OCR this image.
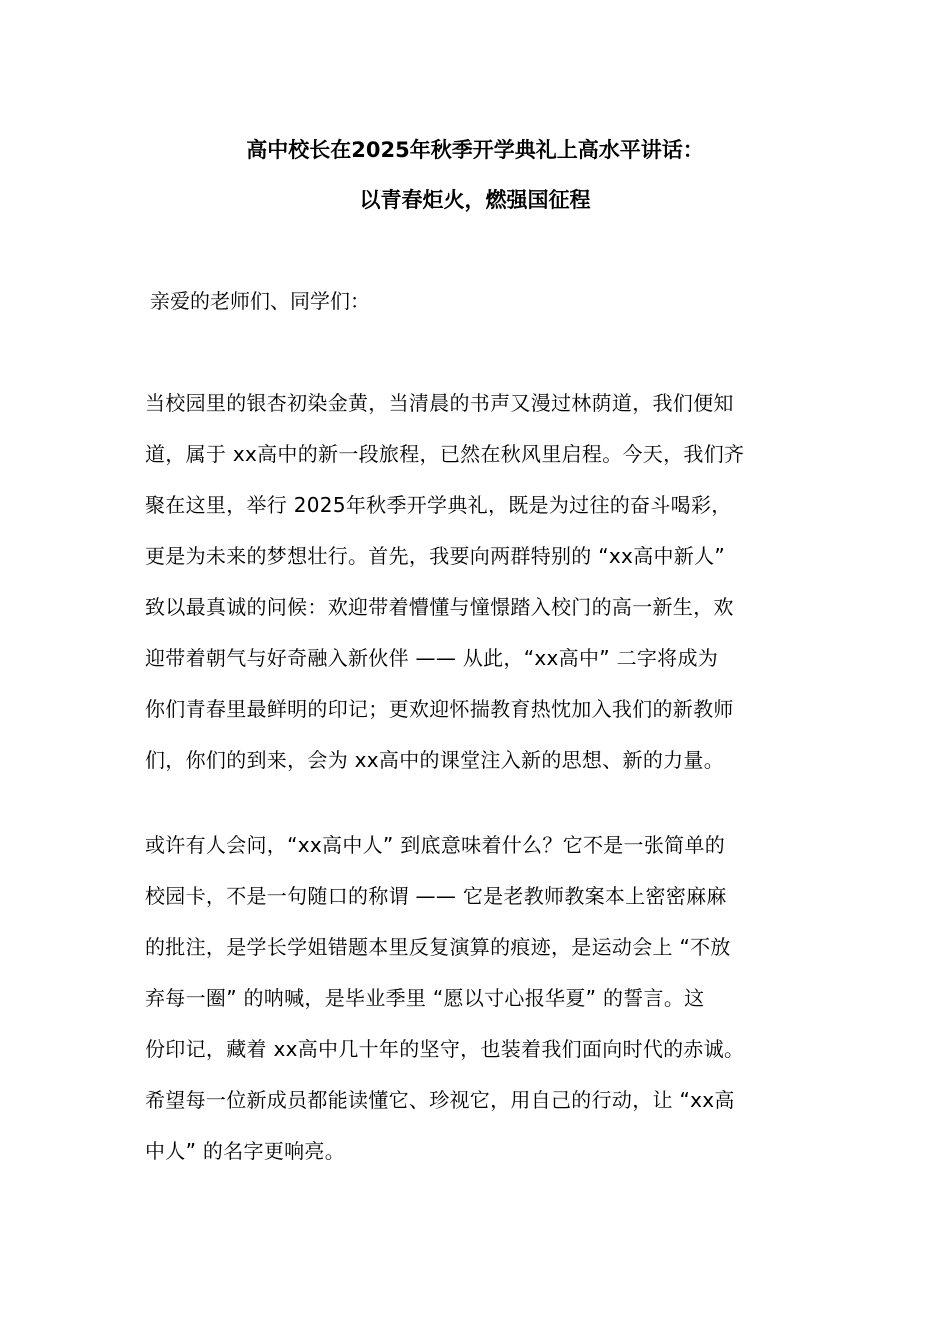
高中校长在2025年秋季开学典礼上高水平讲话：
以青春炬火，燃强国征程
亲爱的老师们、同学们：
当校园里的银杏初染金黄，当清晨的书声又漫过林荫道，我们便知
道，属于 xx高中的新一段旅程，已然在秋风里启程。今天，我们齐
聚在这里，举行 2025年秋季开学典礼，既是为过往的奋斗喝彩，
更是为未来的梦想壮行。首先，我要向两群特别的 “xx高中新人”
致以最真诚的问候：欢迎带着懵懂与憧憬踏入校门的高一新生，欢
迎带着朝气与好奇融入新伙伴 —— 从此，“xx高中” 二字将成为
你们青春里最鲜明的印记；更欢迎怀揣教育热忱加入我们的新教师
们，你们的到来，会为 xx高中的课堂注入新的思想、新的力量。
或许有人会问，“xx高中人” 到底意味着什么？它不是一张简单的
校园卡，不是一句随口的称谓 —— 它是老教师教案本上密密麻麻
的批注，是学长学姐错题本里反复演算的痕迹，是运动会上 “不放
弃每一圈” 的呐喊，是毕业季里 “愿以寸心报华夏” 的誓言。这
份印记，藏着 xx高中几十年的坚守，也装着我们面向时代的赤诚。
希望每一位新成员都能读懂它、珍视它，用自己的行动，让 “xx高
中人” 的名字更响亮。
